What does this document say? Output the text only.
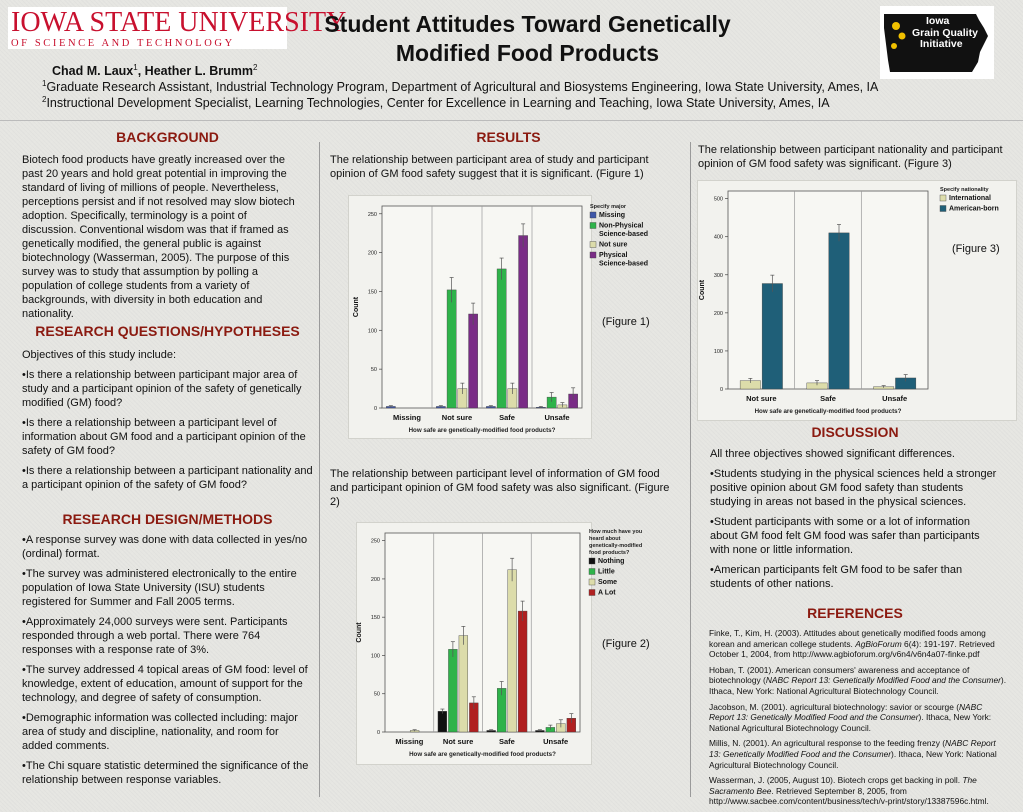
IOWA STATE UNIVERSITY
OF SCIENCE AND TECHNOLOGY
Student Attitudes Toward Genetically
Modified Food Products
Iowa
Grain Quality
Initiative
Chad M. Laux$^1$, Heather L. Brumm$^2$
$^1$Graduate Research Assistant, Industrial Technology Program, Department of Agricultural and Biosystems Engineering, Iowa State University, Ames, IA
$^2$Instructional Development Specialist, Learning Technologies, Center for Excellence in Learning and Teaching, Iowa State University, Ames, IA
BACKGROUND

Biotech food products have greatly increased over the past 20 years and hold great potential in improving the standard of living of millions of people. Nevertheless, perceptions persist and if not resolved may slow biotech adoption. Specifically, terminology is a point of discussion. Conventional wisdom was that if framed as genetically modified, the general public is against biotechnology (Wasserman, 2005). The purpose of this survey was to study that assumption by polling a population of college students from a variety of backgrounds, with diversity in both education and nationality.

RESEARCH QUESTIONS/HYPOTHESES

Objectives of this study include:

•Is there a relationship between participant major area of study and a participant opinion of the safety of genetically modified (GM) food?

•Is there a relationship between a participant level of information about GM food and a participant opinion of the safety of GM food?

•Is there a relationship between a participant nationality and a participant opinion of the safety of GM food?

RESEARCH DESIGN/METHODS

•A response survey was done with data collected in yes/no (ordinal) format.

•The survey was administered electronically to the entire population of Iowa State University (ISU) students registered for Summer and Fall 2005 terms.

•Approximately 24,000 surveys were sent. Participants responded through a web portal. There were 764 responses with a response rate of 3%.

•The survey addressed 4 topical areas of GM food: level of knowledge, extent of education, amount of support for the technology, and degree of safety of consumption.

•Demographic information was collected including: major area of study and discipline, nationality, and room for added comments.

•The Chi square statistic determined the significance of the relationship between response variables.

RESULTS
The relationship between participant area of study and participant opinion of GM food safety suggest that it is significant. (Figure 1)
0
50
100
150
200
250
Missing	Not sure	Safe	Unsafe
Count
How safe are genetically-modified food products?
Specify major
Missing
Non-Physical
Science-based
Not sure
Physical
Science-based
(Figure 1)
The relationship between participant level of information of GM food and participant opinion of GM food safety was also significant. (Figure 2)
0
50
100
150
200
250
Missing	Not sure	Safe	Unsafe
Count
How safe are genetically-modified food products?
How much have you
heard about
genetically-modified
food products?
Nothing
Little
Some
A Lot
(Figure 2)
The relationship between participant nationality and participant opinion of GM food safety was significant. (Figure 3)
0
100
200
300
400
500
Not sure	Safe	Unsafe
Count
How safe are genetically-modified food products?
Specify nationality
International
American-born
(Figure 3)
DISCUSSION

All three objectives showed significant differences.

•Students studying in the physical sciences held a stronger positive opinion about GM food safety than students studying in areas not based in the physical sciences.

•Student participants with some or a lot of information about GM food felt GM food was safer than participants with none or little information.

•American participants felt GM food to be safer than students of other nations.

REFERENCES

Finke, T., Kim, H. (2003). Attitudes about genetically modified foods among korean and american college students. AgBioForum 6(4): 191-197. Retrieved October 1, 2004, from http://www.agbioforum.org/v6n4/v6n4a07-finke.pdf

Hoban, T. (2001). American consumers' awareness and acceptance of biotechnology (NABC Report 13: Genetically Modified Food and the Consumer). Ithaca, New York: National Agricultural Biotechnology Council.

Jacobson, M. (2001). agricultural biotechnology: savior or scourge (NABC Report 13: Genetically Modified Food and the Consumer). Ithaca, New York: National Agricultural Biotechnology Council.

Millis, N. (2001). An agricultural response to the feeding frenzy (NABC Report 13: Genetically Modified Food and the Consumer). Ithaca, New York: National Agricultural Biotechnology Council.

Wasserman, J. (2005, August 10). Biotech crops get backing in poll. The Sacramento Bee. Retrieved September 8, 2005, from http://www.sacbee.com/content/business/tech/v-print/story/13387596c.html.
